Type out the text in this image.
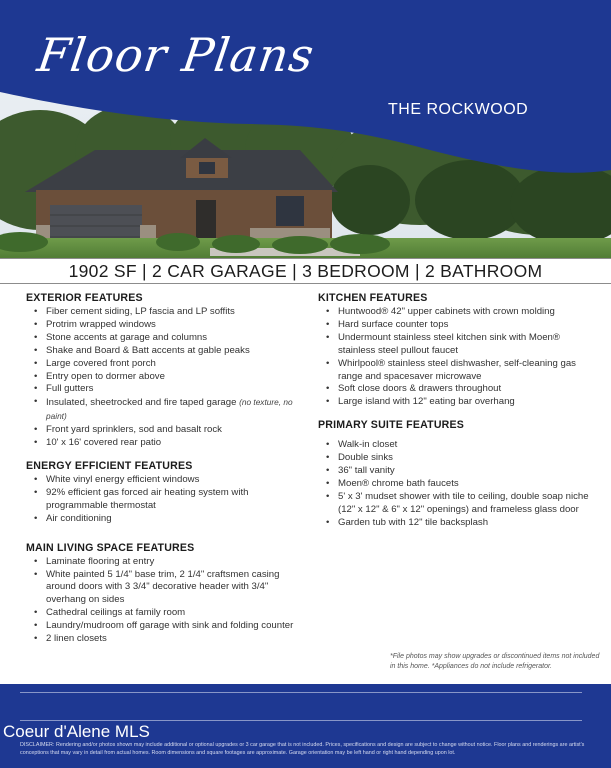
Floor Plans
THE ROCKWOOD
1902 SF | 2 CAR GARAGE | 3 BEDROOM | 2 BATHROOM
EXTERIOR FEATURES
• Fiber cement siding, LP fascia and LP soffits
• Protrim wrapped windows
• Stone accents at garage and columns
• Shake and Board & Batt accents at gable peaks
• Large covered front porch
• Entry open to dormer above
• Full gutters
• Insulated, sheetrocked and fire taped garage (no texture, no paint)
• Front yard sprinklers, sod and basalt rock
• 10' x 16' covered rear patio
ENERGY EFFICIENT FEATURES
• White vinyl energy efficient windows
• 92% efficient gas forced air heating system with programmable thermostat
• Air conditioning
MAIN LIVING SPACE FEATURES
• Laminate flooring at entry
• White painted 5 1/4" base trim, 2 1/4" craftsmen casing around doors with 3 3/4" decorative header with 3/4" overhang on sides
• Cathedral ceilings at family room
• Laundry/mudroom off garage with sink and folding counter
• 2 linen closets
KITCHEN FEATURES
• Huntwood® 42" upper cabinets with crown molding
• Hard surface counter tops
• Undermount stainless steel kitchen sink with Moen® stainless steel pullout faucet
• Whirlpool® stainless steel dishwasher, self-cleaning gas range and spacesaver microwave
• Soft close doors & drawers throughout
• Large island with 12" eating bar overhang
PRIMARY SUITE FEATURES
• Walk-in closet
• Double sinks
• 36" tall vanity
• Moen® chrome bath faucets
• 5' x 3' mudset shower with tile to ceiling, double soap niche (12" x 12" & 6" x 12" openings) and frameless glass door
• Garden tub with 12" tile backsplash
*File photos may show upgrades or discontinued items not included in this home. *Appliances do not include refrigerator.
Coeur d'Alene MLS
DISCLAIMER: Rendering and/or photos shown may include additional or optional upgrades or 3 car garage that is not included. Prices, specifications and design are subject to change without notice. Floor plans and renderings are artist's conceptions that may vary in detail from actual homes. Room dimensions and square footages are approximate. Garage orientation may be left hand or right hand depending upon lot.
